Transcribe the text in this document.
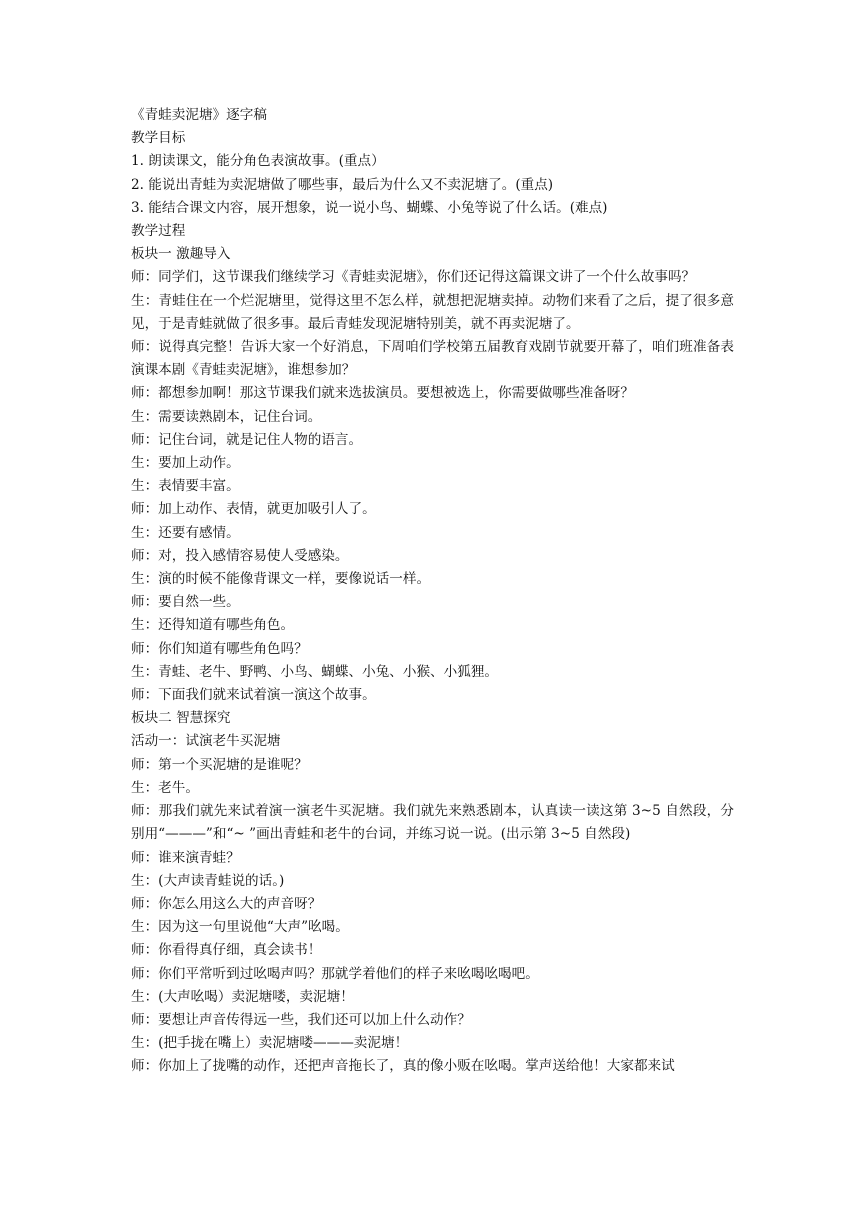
《青蛙卖泥塘》逐字稿

教学目标

1. 朗读课文，能分角色表演故事。(重点）

2. 能说出青蛙为卖泥塘做了哪些事，最后为什么又不卖泥塘了。(重点)

3. 能结合课文内容，展开想象，说一说小鸟、蝴蝶、小兔等说了什么话。(难点)

教学过程

板块一 激趣导入

师：同学们，这节课我们继续学习《青蛙卖泥塘》，你们还记得这篇课文讲了一个什么故事吗？

生：青蛙住在一个烂泥塘里，觉得这里不怎么样，就想把泥塘卖掉。动物们来看了之后，提了很多意见，于是青蛙就做了很多事。最后青蛙发现泥塘特别美，就不再卖泥塘了。

师：说得真完整！告诉大家一个好消息，下周咱们学校第五届教育戏剧节就要开幕了，咱们班准备表演课本剧《青蛙卖泥塘》，谁想参加？

师：都想参加啊！那这节课我们就来选拔演员。要想被选上，你需要做哪些准备呀？

生：需要读熟剧本，记住台词。

师：记住台词，就是记住人物的语言。

生：要加上动作。

生：表情要丰富。

师：加上动作、表情，就更加吸引人了。

生：还要有感情。

师：对，投入感情容易使人受感染。

生：演的时候不能像背课文一样，要像说话一样。

师：要自然一些。

生：还得知道有哪些角色。

师：你们知道有哪些角色吗？

生：青蛙、老牛、野鸭、小鸟、蝴蝶、小兔、小猴、小狐狸。

师：下面我们就来试着演一演这个故事。

板块二 智慧探究

活动一：试演老牛买泥塘

师：第一个买泥塘的是谁呢？

生：老牛。

师：那我们就先来试着演一演老牛买泥塘。我们就先来熟悉剧本，认真读一读这第 3~5 自然段，分别用“———”和“~ ”画出青蛙和老牛的台词，并练习说一说。(出示第 3~5 自然段)

师：谁来演青蛙？

生：(大声读青蛙说的话。)

师：你怎么用这么大的声音呀？

生：因为这一句里说他“大声”吆喝。

师：你看得真仔细，真会读书！

师：你们平常听到过吆喝声吗？那就学着他们的样子来吆喝吆喝吧。

生：(大声吆喝）卖泥塘喽，卖泥塘！

师：要想让声音传得远一些，我们还可以加上什么动作？

生：(把手拢在嘴上）卖泥塘喽———卖泥塘！

师：你加上了拢嘴的动作，还把声音拖长了，真的像小贩在吆喝。掌声送给他！大家都来试
